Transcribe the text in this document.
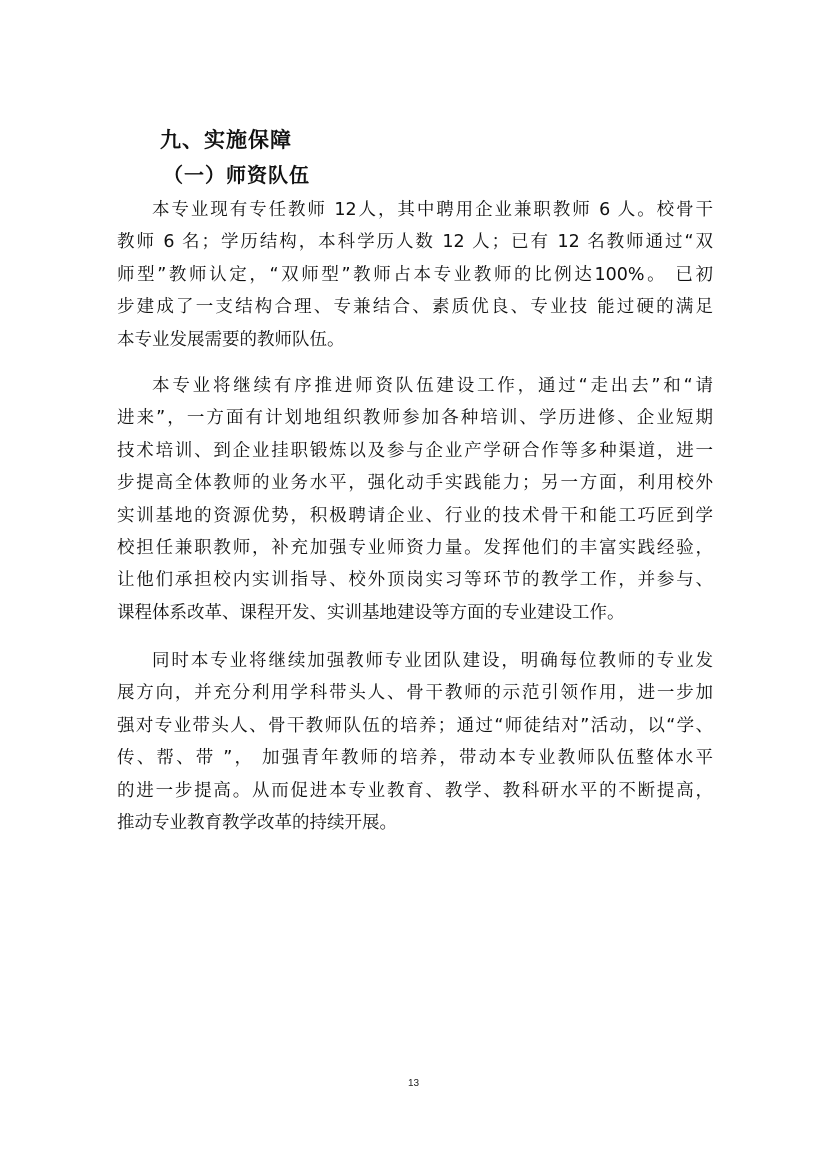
九、实施保障
（一）师资队伍
本专业现有专任教师 12人，其中聘用企业兼职教师 6 人。校骨干
教师 6 名；学历结构，本科学历人数 12 人；已有 12 名教师通过“双
师型”教师认定，“双师型”教师占本专业教师的比例达100%。 已初
步建成了一支结构合理、专兼结合、素质优良、专业技 能过硬的满足
本专业发展需要的教师队伍。
本专业将继续有序推进师资队伍建设工作，通过“走出去”和“请
进来”，一方面有计划地组织教师参加各种培训、学历进修、企业短期
技术培训、到企业挂职锻炼以及参与企业产学研合作等多种渠道，进一
步提高全体教师的业务水平，强化动手实践能力；另一方面，利用校外
实训基地的资源优势，积极聘请企业、行业的技术骨干和能工巧匠到学
校担任兼职教师，补充加强专业师资力量。发挥他们的丰富实践经验，
让他们承担校内实训指导、校外顶岗实习等环节的教学工作，并参与、
课程体系改革、课程开发、实训基地建设等方面的专业建设工作。
同时本专业将继续加强教师专业团队建设，明确每位教师的专业发
展方向，并充分利用学科带头人、骨干教师的示范引领作用，进一步加
强对专业带头人、骨干教师队伍的培养；通过“师徒结对”活动，以“学、
传、帮、带 ”， 加强青年教师的培养，带动本专业教师队伍整体水平
的进一步提高。从而促进本专业教育、教学、教科研水平的不断提高，
推动专业教育教学改革的持续开展。
13
